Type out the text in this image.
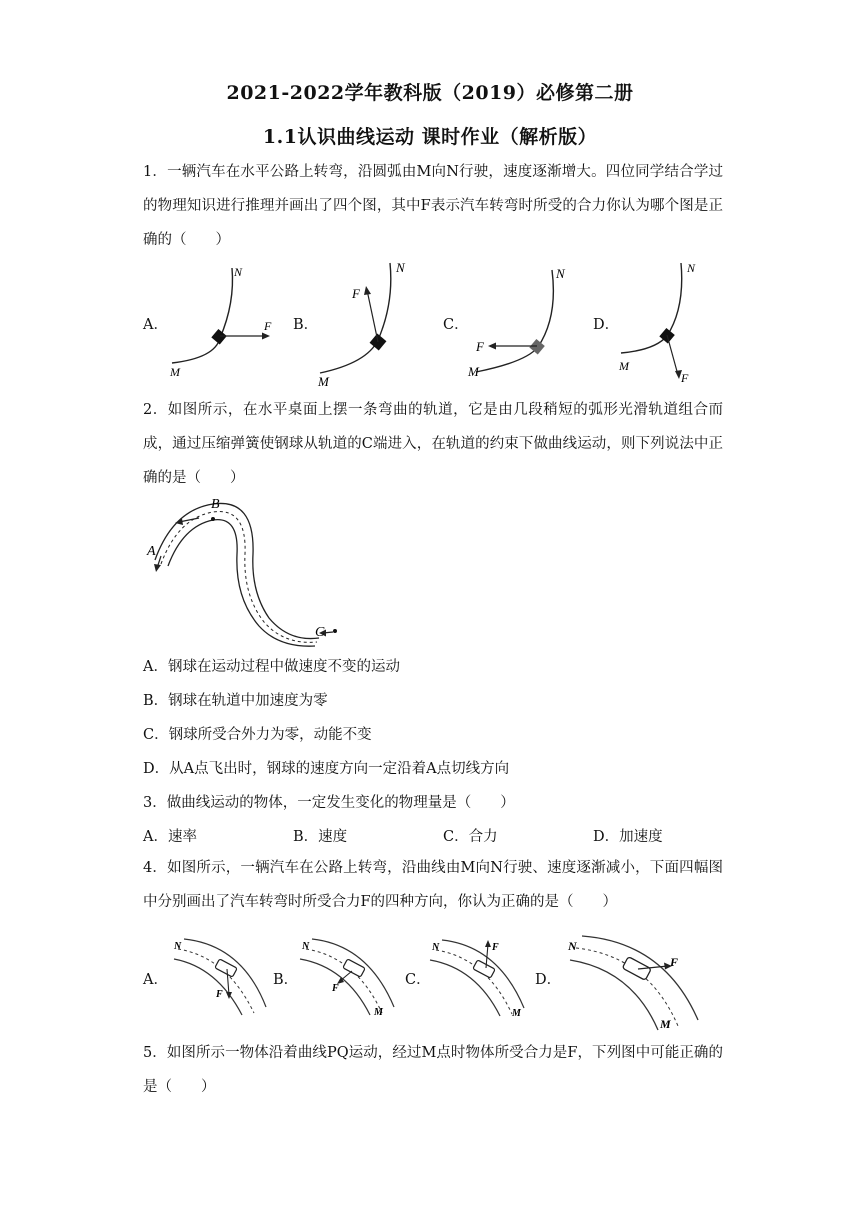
2021-2022学年教科版（2019）必修第二册
1.1认识曲线运动 课时作业（解析版）

1．一辆汽车在水平公路上转弯，沿圆弧由M向N行驶，速度逐渐增大。四位同学结合学过的物理知识进行推理并画出了四个图，其中F表示汽车转弯时所受的合力你认为哪个图是正确的（　　）

A．	B．	C．	D．
N
M
F
N
M
F
N
M
F
N
M
F

2．如图所示，在水平桌面上摆一条弯曲的轨道，它是由几段稍短的弧形光滑轨道组合而成，通过压缩弹簧使钢球从轨道的C端进入，在轨道的约束下做曲线运动，则下列说法中正确的是（　　）

B
A
C
A．钢球在运动过程中做速度不变的运动
B．钢球在轨道中加速度为零
C．钢球所受合外力为零，动能不变
D．从A点飞出时，钢球的速度方向一定沿着A点切线方向
3．做曲线运动的物体，一定发生变化的物理量是（　　）
A．速率	B．速度	C．合力	D．加速度

4．如图所示，一辆汽车在公路上转弯，沿曲线由M向N行驶、速度逐渐减小，下面四幅图中分别画出了汽车转弯时所受合力F的四种方向，你认为正确的是（　　）

A．	B．	C．	D．
N
F
N
F
M
N	F
M
N
F
M

5．如图所示一物体沿着曲线PQ运动，经过M点时物体所受合力是F，下列图中可能正确的是（　　）
